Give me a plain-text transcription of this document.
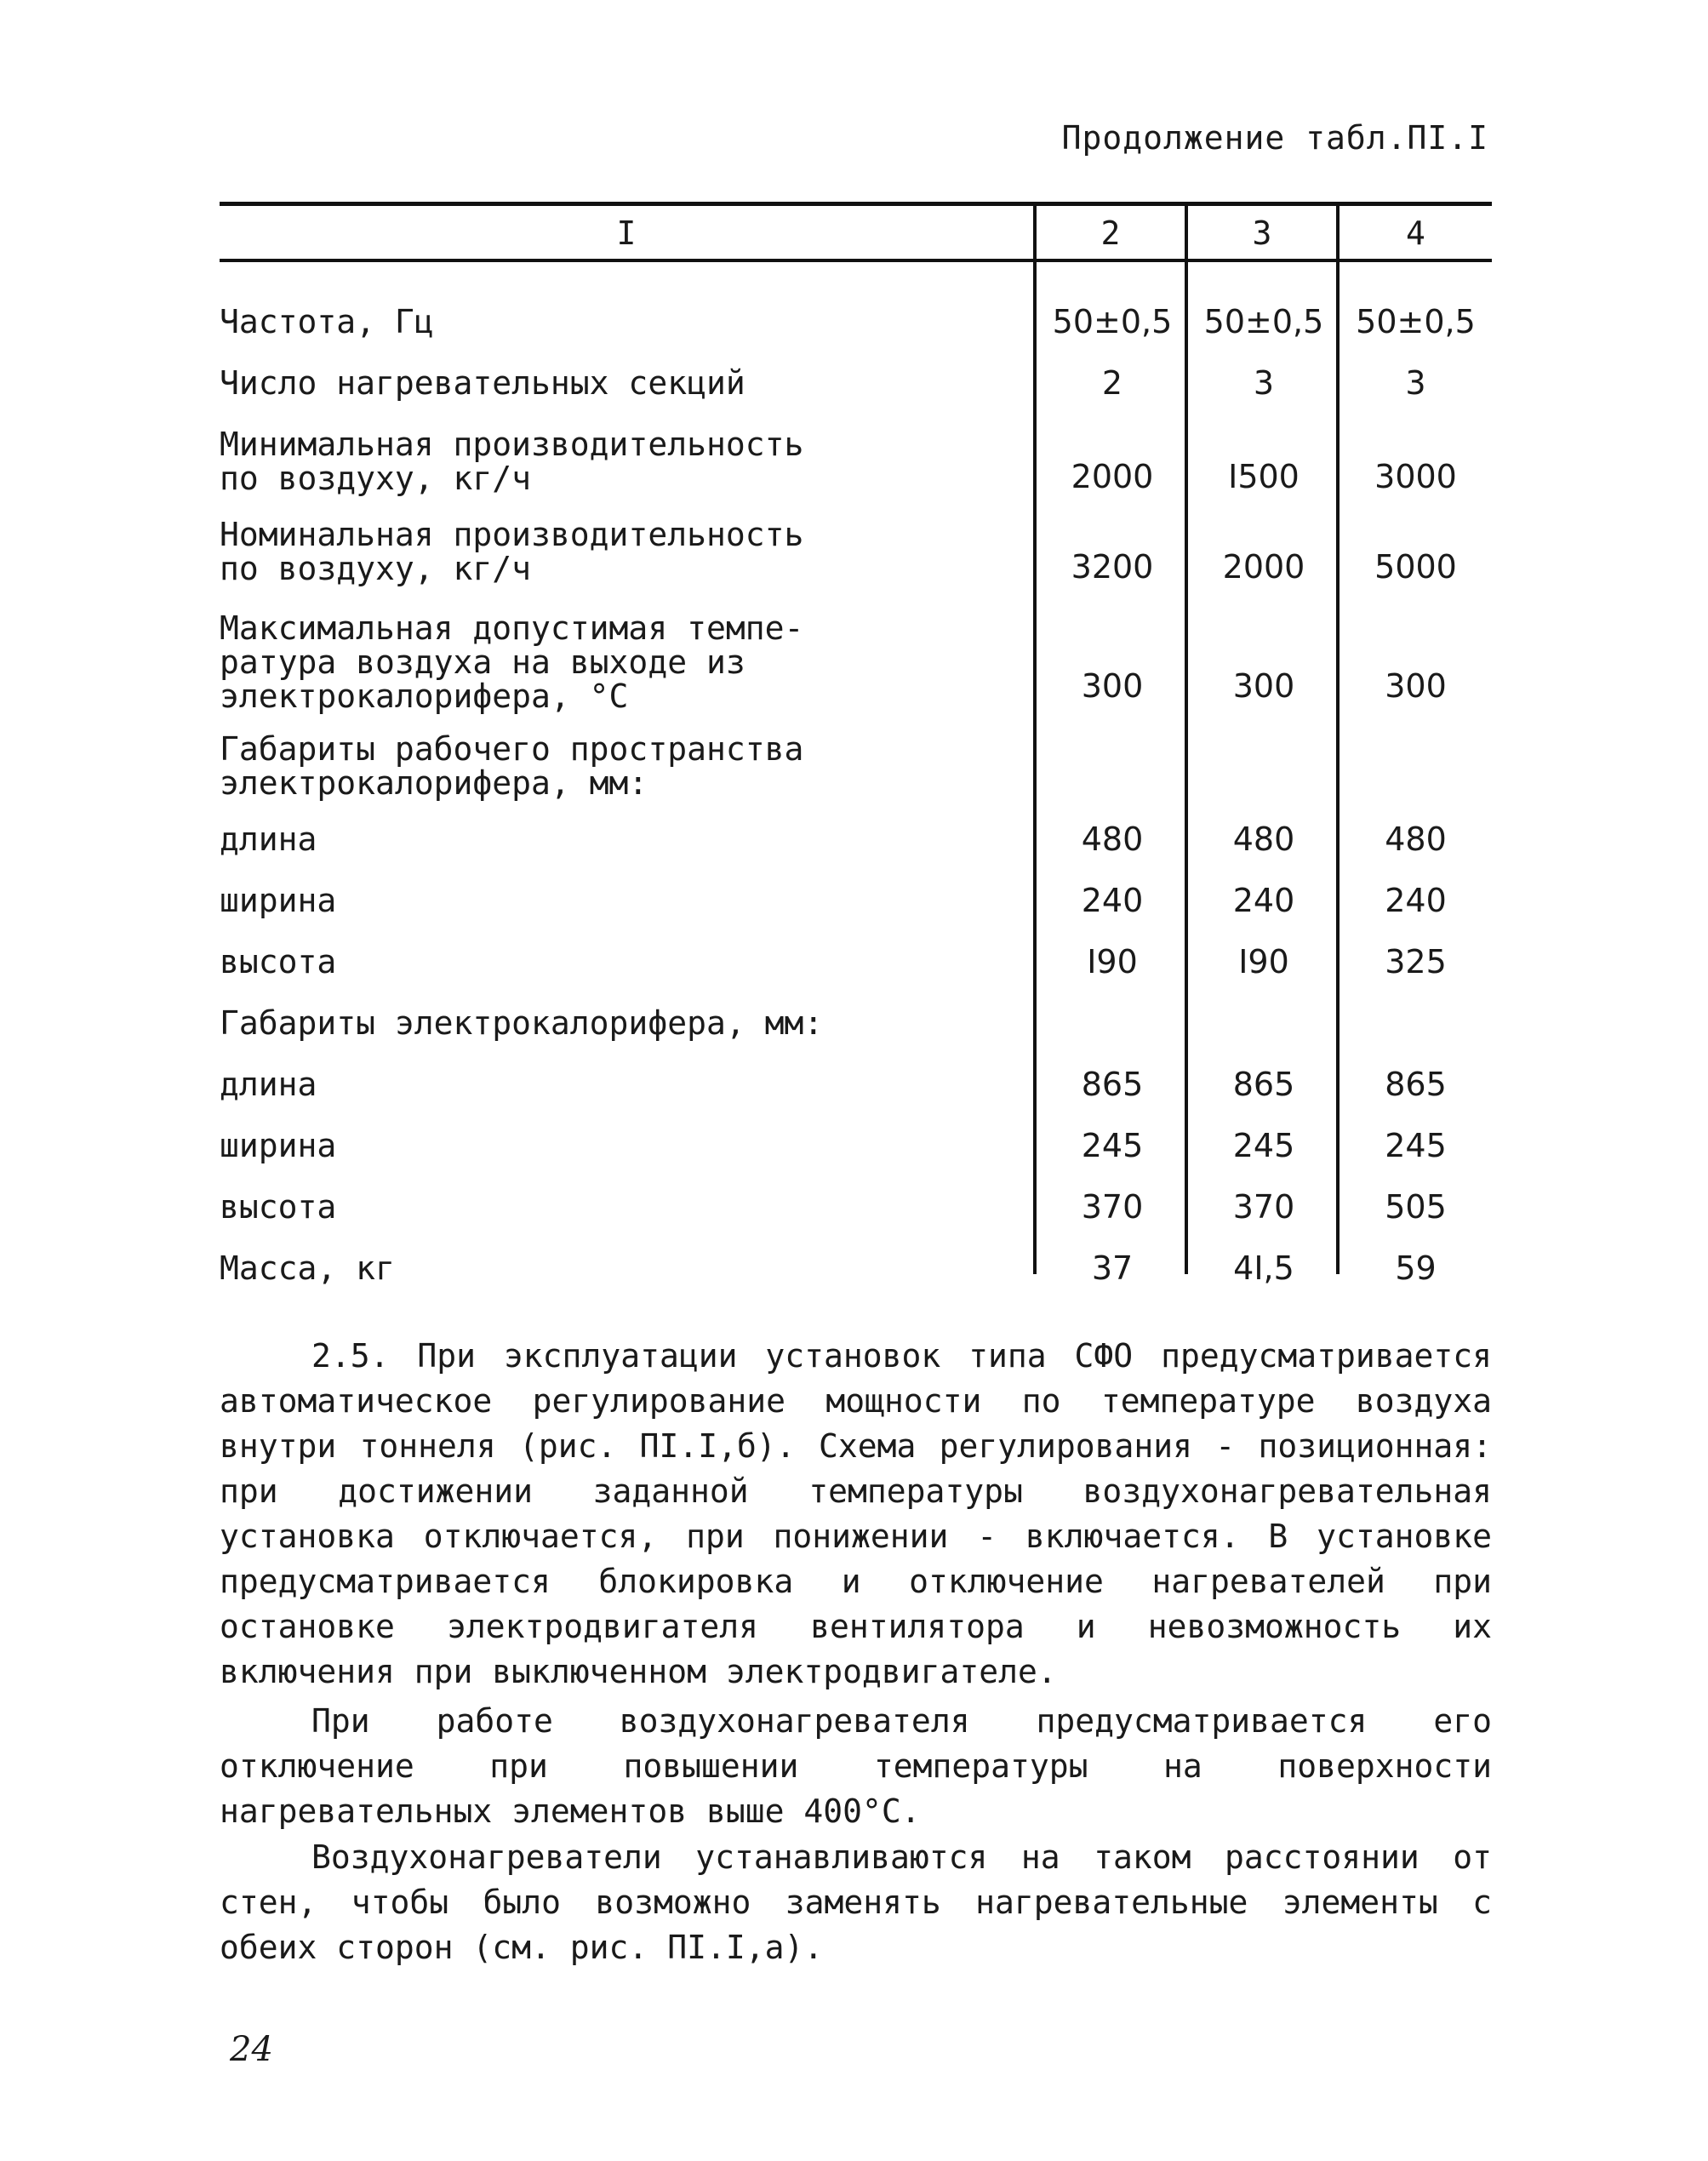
Продолжение табл.ПI.I
I	2	3	4
Частота, Гц	50±0,5 50±0,5 50±0,5
Число нагревательных секций	2	3	3
Минимальная производительность
по воздуху, кг/ч	2000	I500	3000
Номинальная производительность
по воздуху, кг/ч	3200	2000	5000
Максимальная допустимая темпе-
ратура воздуха на выходе из
электрокалорифера, °С	300	300	300
Габариты рабочего пространства
электрокалорифера, мм:
длина	480	480	480
ширина	240	240	240
высота	I90	I90	325
Габариты электрокалорифера, мм:
длина	865	865	865
ширина	245	245	245
высота	370	370	505
Масса, кг	37	4I,5	59

2.5. При эксплуатации установок типа СФО предусматривается автоматическое регулирование мощности по температуре воздуха внутри тоннеля (рис. ПI.I,б). Схема регулирования - позиционная: при достижении заданной температуры воздухонагревательная установка отключается, при понижении - включается. В установке предусматривается блокировка и отключение нагревателей при остановке электродвигателя вентилятора и невозможность их включения при выключенном электродвигателе.

При работе воздухонагревателя предусматривается его отключение при повышении температуры на поверхности нагревательных элементов выше 400°С.

Воздухонагреватели устанавливаются на таком расстоянии от стен, чтобы было возможно заменять нагревательные элементы с обеих сторон (см. рис. ПI.I,а).

24
